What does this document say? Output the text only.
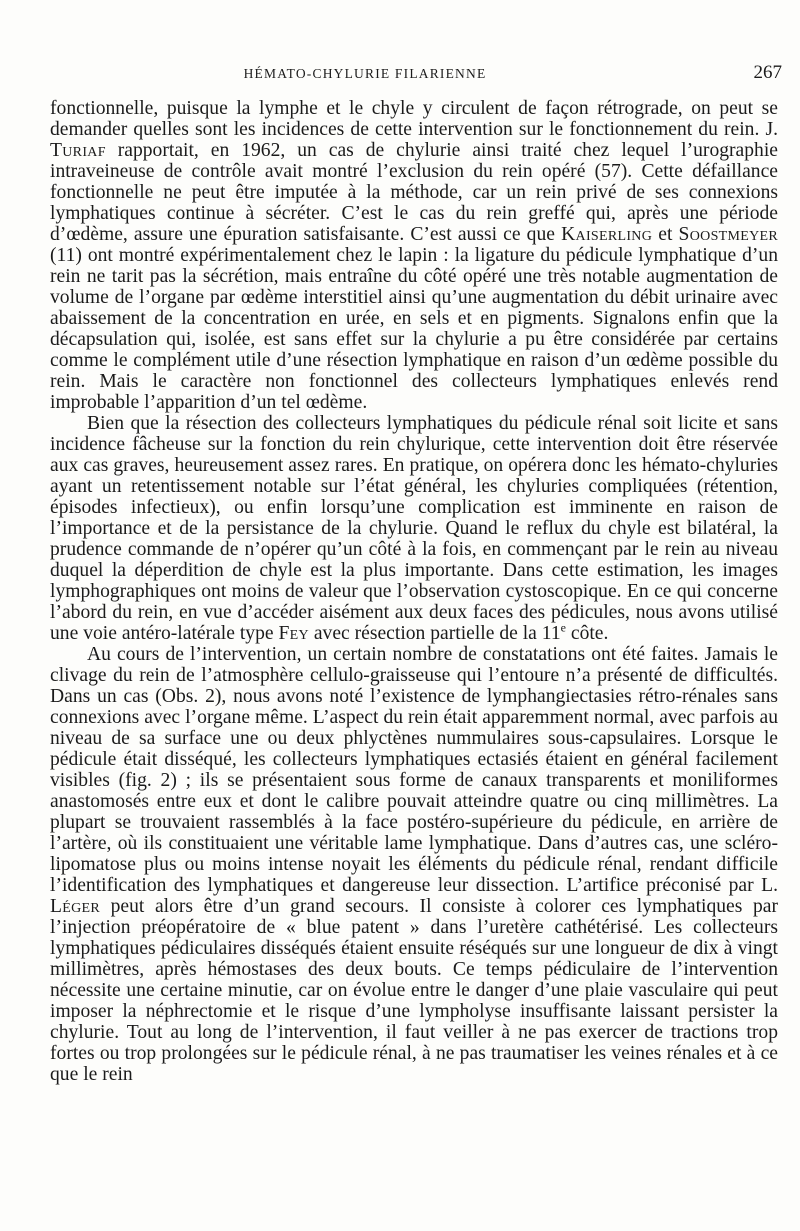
HÉMATO-CHYLURIE FILARIENNE	267

fonctionnelle, puisque la lymphe et le chyle y circulent de façon rétrograde, on peut se demander quelles sont les incidences de cette intervention sur le fonctionnement du rein. J. Turiaf rapportait, en 1962, un cas de chylurie ainsi traité chez lequel l’urographie intraveineuse de contrôle avait montré l’exclusion du rein opéré (57). Cette défaillance fonctionnelle ne peut être imputée à la méthode, car un rein privé de ses connexions lymphatiques continue à sécréter. C’est le cas du rein greffé qui, après une période d’œdème, assure une épuration satisfaisante. C’est aussi ce que Kaiserling et Soostmeyer (11) ont montré expérimentalement chez le lapin : la ligature du pédicule lymphatique d’un rein ne tarit pas la sécrétion, mais entraîne du côté opéré une très notable augmentation de volume de l’organe par œdème interstitiel ainsi qu’une augmentation du débit urinaire avec abaissement de la concentration en urée, en sels et en pigments. Signalons enfin que la décapsulation qui, isolée, est sans effet sur la chylurie a pu être considérée par certains comme le complément utile d’une résection lymphatique en raison d’un œdème possible du rein. Mais le caractère non fonctionnel des collecteurs lymphatiques enlevés rend improbable l’apparition d’un tel œdème.

Bien que la résection des collecteurs lymphatiques du pédicule rénal soit licite et sans incidence fâcheuse sur la fonction du rein chylurique, cette intervention doit être réservée aux cas graves, heureusement assez rares. En pratique, on opérera donc les hémato-chyluries ayant un retentissement notable sur l’état général, les chyluries compliquées (rétention, épisodes infectieux), ou enfin lorsqu’une complication est imminente en raison de l’importance et de la persistance de la chylurie. Quand le reflux du chyle est bilatéral, la prudence commande de n’opérer qu’un côté à la fois, en commençant par le rein au niveau duquel la déperdition de chyle est la plus importante. Dans cette estimation, les images lymphographiques ont moins de valeur que l’observation cystoscopique. En ce qui concerne l’abord du rein, en vue d’accéder aisément aux deux faces des pédicules, nous avons utilisé une voie antéro-latérale type Fey avec résection partielle de la 11e côte.

Au cours de l’intervention, un certain nombre de constatations ont été faites. Jamais le clivage du rein de l’atmosphère cellulo-graisseuse qui l’entoure n’a présenté de difficultés. Dans un cas (Obs. 2), nous avons noté l’existence de lymphangiectasies rétro-rénales sans connexions avec l’organe même. L’aspect du rein était apparemment normal, avec parfois au niveau de sa surface une ou deux phlyctènes nummulaires sous-capsulaires. Lorsque le pédicule était disséqué, les collecteurs lymphatiques ectasiés étaient en général facilement visibles (fig. 2) ; ils se présentaient sous forme de canaux transparents et moniliformes anastomosés entre eux et dont le calibre pouvait atteindre quatre ou cinq millimètres. La plupart se trouvaient rassemblés à la face postéro-supérieure du pédicule, en arrière de l’artère, où ils constituaient une véritable lame lymphatique. Dans d’autres cas, une scléro-lipomatose plus ou moins intense noyait les éléments du pédicule rénal, rendant difficile l’identification des lymphatiques et dangereuse leur dissection. L’artifice préconisé par L. Léger peut alors être d’un grand secours. Il consiste à colorer ces lymphatiques par l’injection préopératoire de « blue patent » dans l’uretère cathétérisé. Les collecteurs lymphatiques pédiculaires disséqués étaient ensuite réséqués sur une longueur de dix à vingt millimètres, après hémostases des deux bouts. Ce temps pédiculaire de l’intervention nécessite une certaine minutie, car on évolue entre le danger d’une plaie vasculaire qui peut imposer la néphrectomie et le risque d’une lympholyse insuffisante laissant persister la chylurie. Tout au long de l’intervention, il faut veiller à ne pas exercer de tractions trop fortes ou trop prolongées sur le pédicule rénal, à ne pas traumatiser les veines rénales et à ce que le rein
